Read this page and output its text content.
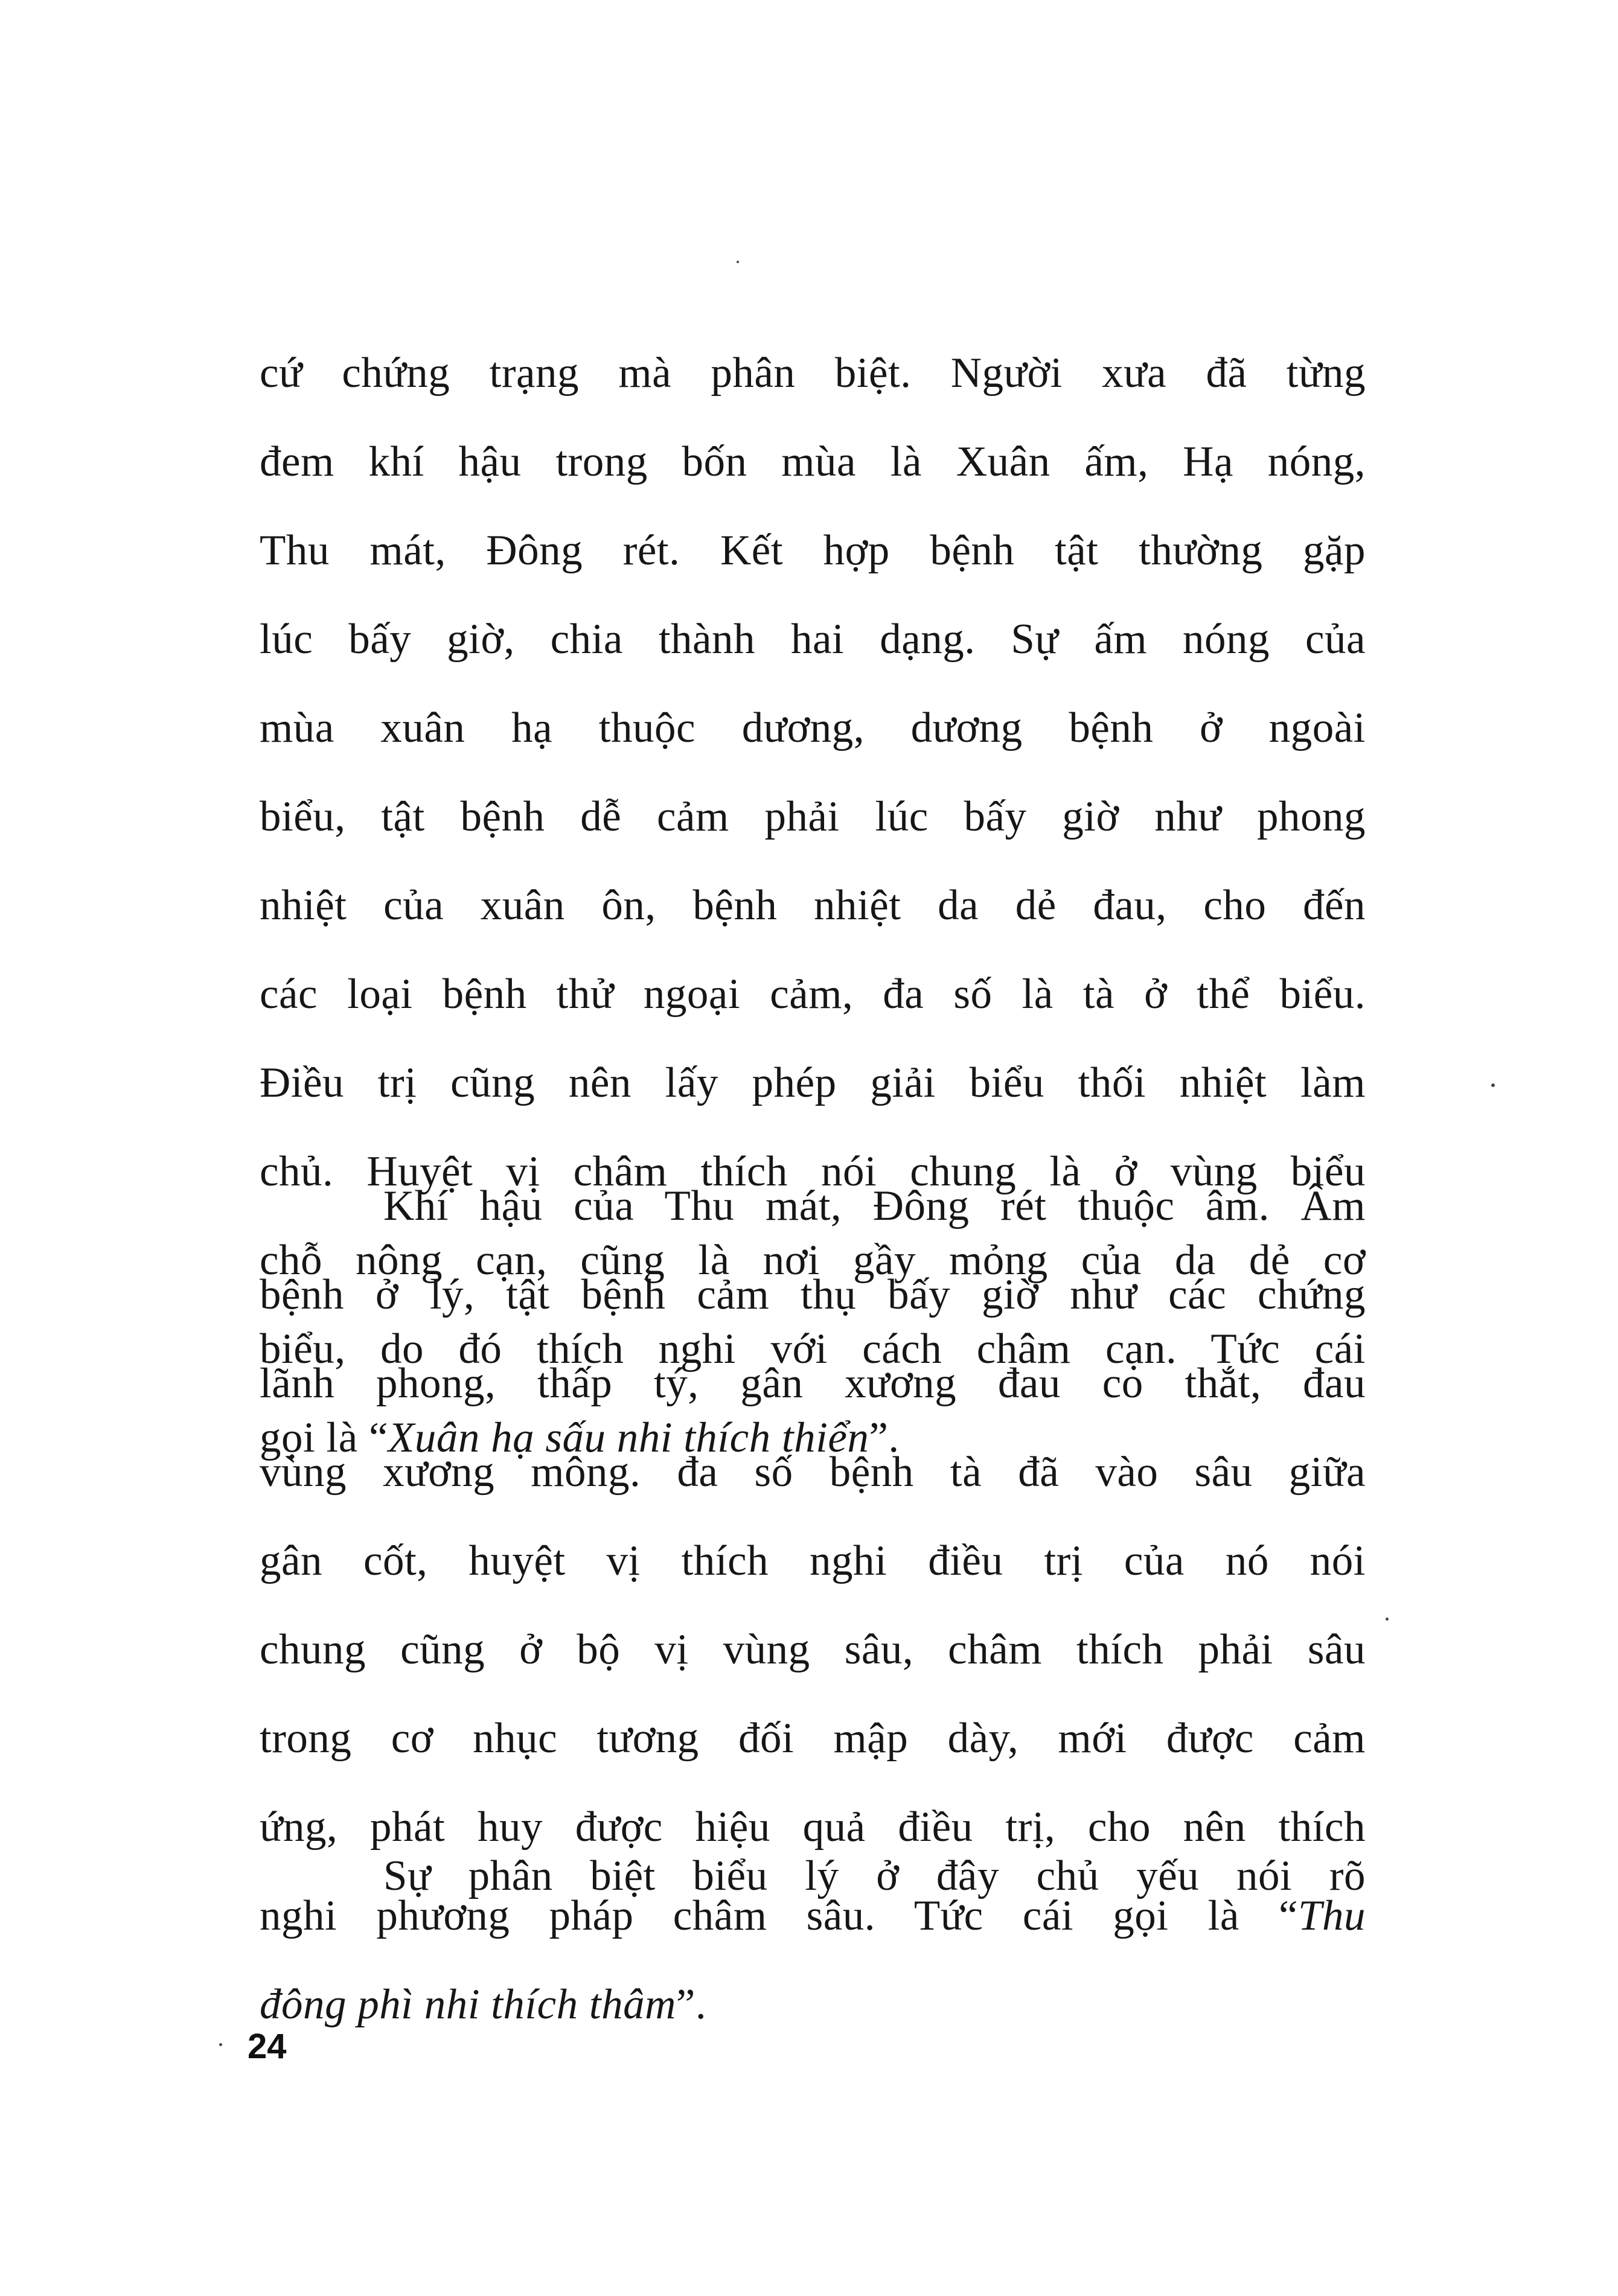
cứ chứng trạng mà phân biệt. Người xưa đã từng
đem khí hậu trong bốn mùa là Xuân ấm, Hạ nóng,
Thu mát, Đông rét. Kết hợp bệnh tật thường gặp
lúc bấy giờ, chia thành hai dạng. Sự ấm nóng của
mùa xuân hạ thuộc dương, dương bệnh ở ngoài
biểu, tật bệnh dễ cảm phải lúc bấy giờ như phong
nhiệt của xuân ôn, bệnh nhiệt da dẻ đau, cho đến
các loại bệnh thử ngoại cảm, đa số là tà ở thể biểu.
Điều trị cũng nên lấy phép giải biểu thối nhiệt làm
chủ. Huyệt vị châm thích nói chung là ở vùng biểu
chỗ nông cạn, cũng là nơi gầy mỏng của da dẻ cơ
biểu, do đó thích nghi với cách châm cạn. Tức cái
gọi là “Xuân hạ sấu nhi thích thiển”.
Khí hậu của Thu mát, Đông rét thuộc âm. Âm
bệnh ở lý, tật bệnh cảm thụ bấy giờ như các chứng
lãnh phong, thấp tý, gân xương đau co thắt, đau
vùng xương mông. đa số bệnh tà đã vào sâu giữa
gân cốt, huyệt vị thích nghi điều trị của nó nói
chung cũng ở bộ vị vùng sâu, châm thích phải sâu
trong cơ nhục tương đối mập dày, mới được cảm
ứng, phát huy được hiệu quả điều trị, cho nên thích
nghi phương pháp châm sâu. Tức cái gọi là “Thu
đông phì nhi thích thâm”.
Sự phân biệt biểu lý ở đây chủ yếu nói rõ
24
